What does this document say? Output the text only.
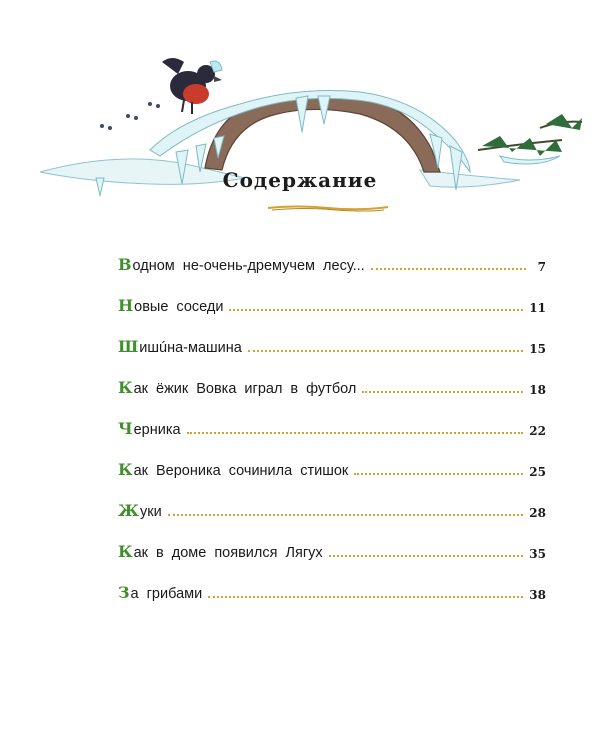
Содержание
В одном не-очень-дремучем лесу...	7
Н овые соседи	11
Ш ишúна-машина	15
К ак ёжик Вовка играл в футбол	18
Ч ерника	22
К ак Вероника сочинила стишок	25
Ж уки	28
К ак в доме появился Лягух	35
З а грибами	38
